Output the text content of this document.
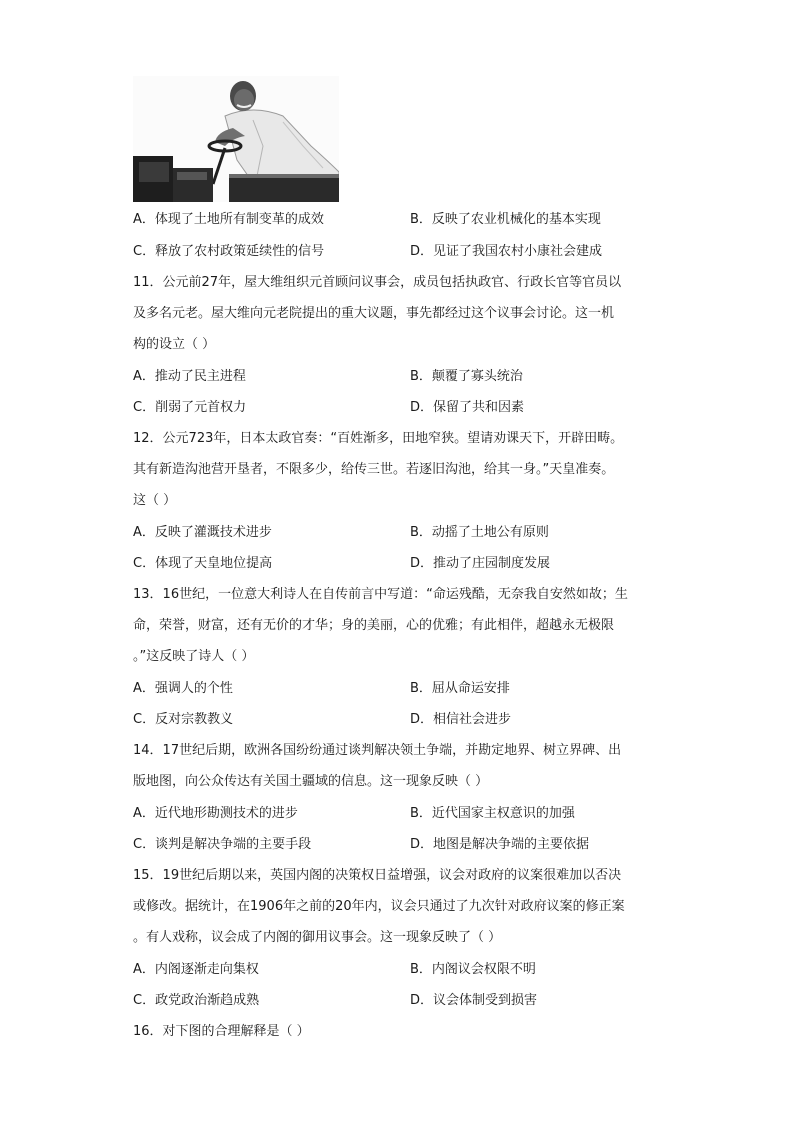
A．体现了土地所有制变革的成效	B．反映了农业机械化的基本实现
C．释放了农村政策延续性的信号	D．见证了我国农村小康社会建成
11．公元前27年，屋大维组织元首顾问议事会，成员包括执政官、行政长官等官员以
及多名元老。屋大维向元老院提出的重大议题，事先都经过这个议事会讨论。这一机
构的设立（ ）
A．推动了民主进程	B．颠覆了寡头统治
C．削弱了元首权力	D．保留了共和因素
12．公元723年，日本太政官奏：“百姓渐多，田地窄狭。望请劝课天下，开辟田畴。
其有新造沟池营开垦者，不限多少，给传三世。若逐旧沟池，给其一身。”天皇准奏。
这（ ）
A．反映了灌溉技术进步	B．动摇了土地公有原则
C．体现了天皇地位提高	D．推动了庄园制度发展
13．16世纪，一位意大利诗人在自传前言中写道：“命运残酷，无奈我自安然如故；生
命，荣誉，财富，还有无价的才华；身的美丽，心的优雅；有此相伴，超越永无极限
。”这反映了诗人（ ）
A．强调人的个性	B．屈从命运安排
C．反对宗教教义	D．相信社会进步
14．17世纪后期，欧洲各国纷纷通过谈判解决领土争端，并勘定地界、树立界碑、出
版地图，向公众传达有关国土疆域的信息。这一现象反映（ ）
A．近代地形勘测技术的进步	B．近代国家主权意识的加强
C．谈判是解决争端的主要手段	D．地图是解决争端的主要依据
15．19世纪后期以来，英国内阁的决策权日益增强，议会对政府的议案很难加以否决
或修改。据统计，在1906年之前的20年内，议会只通过了九次针对政府议案的修正案
。有人戏称，议会成了内阁的御用议事会。这一现象反映了（ ）
A．内阁逐渐走向集权	B．内阁议会权限不明
C．政党政治渐趋成熟	D．议会体制受到损害
16．对下图的合理解释是（ ）
